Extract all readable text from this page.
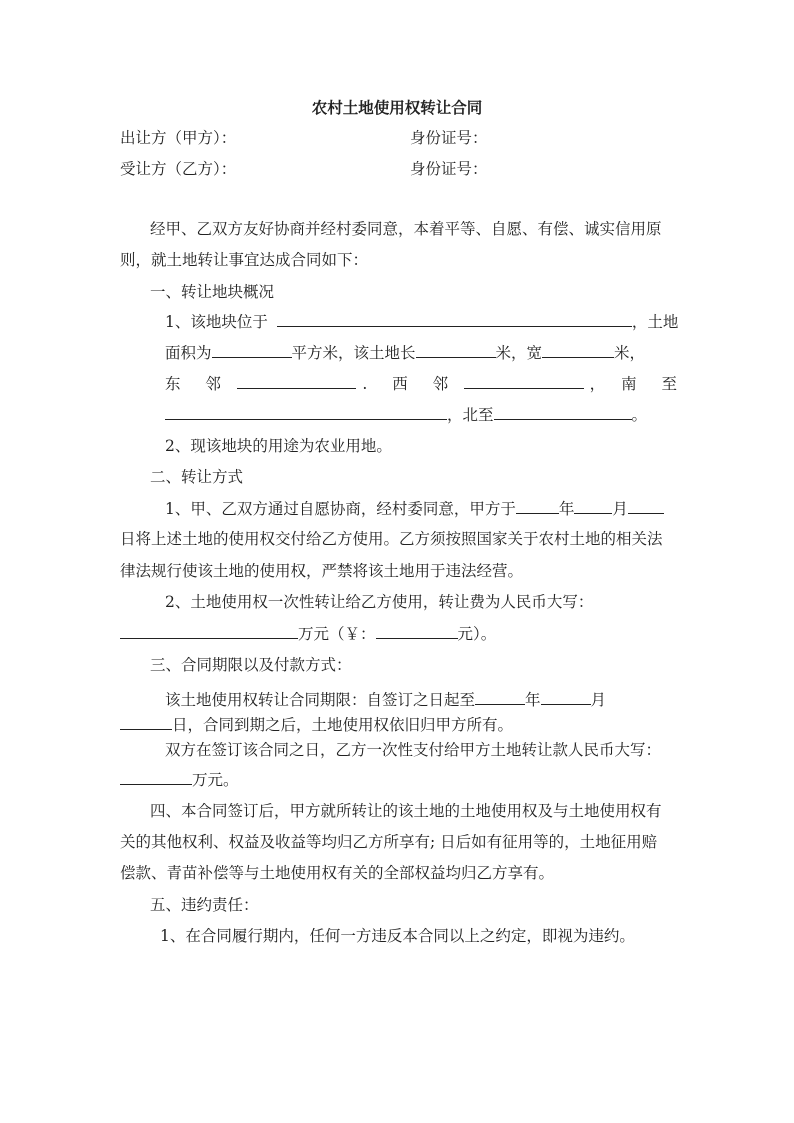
农村土地使用权转让合同
出让方（甲方）：	身份证号：
受让方（乙方）：	身份证号：
经甲、乙双方友好协商并经村委同意，本着平等、自愿、有偿、诚实信用原
则，就土地转让事宜达成合同如下：
一、转让地块概况
1、该地块位于	，土地
面积为	平方米，该土地长	米，宽	米，
东 邻	. 西 邻	， 南 至
，北至	。
2、现该地块的用途为农业用地。
二、转让方式
1、甲、乙双方通过自愿协商，经村委同意，甲方于	年 月
日将上述土地的使用权交付给乙方使用。乙方须按照国家关于农村土地的相关法
律法规行使该土地的使用权，严禁将该土地用于违法经营。
2、土地使用权一次性转让给乙方使用，转让费为人民币大写：
万元（￥：	元）。
三、合同期限以及付款方式：
该土地使用权转让合同期限：自签订之日起至	年	月
日，合同到期之后，土地使用权依旧归甲方所有。
双方在签订该合同之日，乙方一次性支付给甲方土地转让款人民币大写：
万元。
四、本合同签订后，甲方就所转让的该土地的土地使用权及与土地使用权有
关的其他权利、权益及收益等均归乙方所享有; 日后如有征用等的，土地征用赔
偿款、青苗补偿等与土地使用权有关的全部权益均归乙方享有。
五、违约责任：
1、在合同履行期内，任何一方违反本合同以上之约定，即视为违约。
